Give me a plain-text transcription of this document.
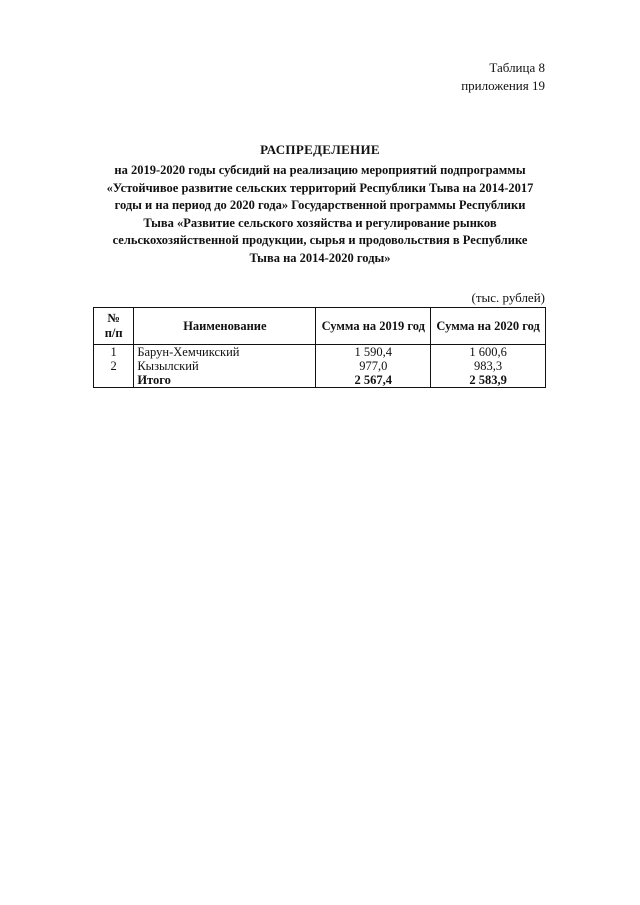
Таблица 8
приложения 19
РАСПРЕДЕЛЕНИЕ
на 2019-2020 годы субсидий на реализацию мероприятий подпрограммы
«Устойчивое развитие сельских территорий Республики Тыва на 2014-2017
годы и на период до 2020 года» Государственной программы Республики
Тыва «Развитие сельского хозяйства и регулирование рынков
сельскохозяйственной продукции, сырья и продовольствия в Республике
Тыва на 2014-2020 годы»
(тыс. рублей)
№
п/п	Наименование	Сумма на 2019 год	Сумма на 2020 год
1	Барун-Хемчикский	1 590,4	1 600,6
2	Кызылский	977,0	983,3
	Итого	2 567,4	2 583,9
